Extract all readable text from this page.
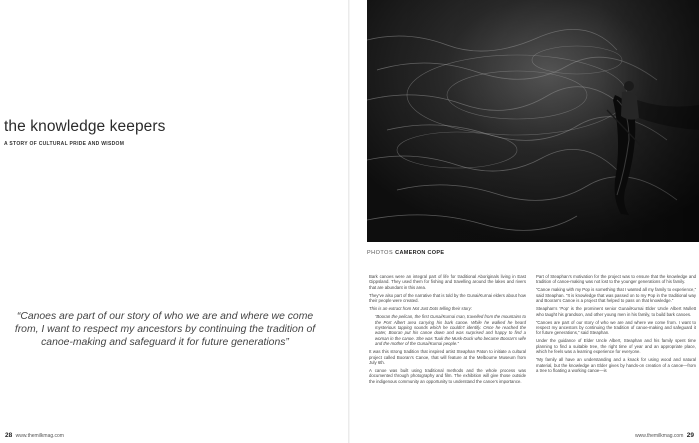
the knowledge keepers
A STORY OF CULTURAL PRIDE AND WISDOM
“Canoes are part of our story of who we are and where we come from, I want to respect my ancestors by continuing the tradition of canoe-making and safeguard it for future generations”
28 www.themilkmag.com
PHOTOS CAMERON COPE

Bark canoes were an integral part of life for traditional Aboriginals living in East Gippsland. They used them for fishing and travelling around the lakes and rivers that are abundant in this area.

They’ve also part of the narrative that is told by the Gunai/Kurnai elders about how their people were created.

This is an extract from Not Just Dots telling their story:

“Booran the pelican, the first Gunai/Kurnai man, travelled from the mountains to the Port Albert area carrying his bark canoe. While he walked he heard mysterious tapping sounds which he couldn’t identify. Once he reached the water, Booran put his canoe down and was surprised and happy to find a woman in the canoe. She was Tuuk the Musk-Duck who became Booran’s wife and the mother of the Gunai/Kurnai people.”

It was this strong tradition that inspired artist Steaphan Paton to initiate a cultural project called Booran’s Canoe, that will feature at the Melbourne Museum from July 6th.

A canoe was built using traditional methods and the whole process was documented through photography and film. The exhibition will give those outside the indigenous community an opportunity to understand the canoe’s importance.

Part of Steaphan’s motivation for the project was to ensure that the knowledge and tradition of canoe-making was not lost to the younger generations of his family.

“Canoe making with my Pop is something that I wanted all my family to experience,” said Steaphan. “It is knowledge that was passed on to my Pop in the traditional way and Booran’s Canoe is a project that helped to pass on that knowledge.”

Steaphan’s ‘Pop’ is the prominent senior Gunai/Kurnai Elder Uncle Albert Mullett who taught his grandson, and other young men in his family, to build bark canoes.

“Canoes are part of our story of who we are and where we come from. I want to respect my ancestors by continuing the tradition of canoe-making and safeguard it for future generations,” said Steaphan.

Under the guidance of Elder Uncle Albert, Steaphan and his family spent time planning to find a suitable tree, the right time of year and an appropriate place, which he feels was a learning experience for everyone.

“My family all have an understanding and a knack for using wood and natural material, but the knowledge an Elder gives by hands-on creation of a canoe—from a tree to floating a working canoe—is

www.themilkmag.com 29
